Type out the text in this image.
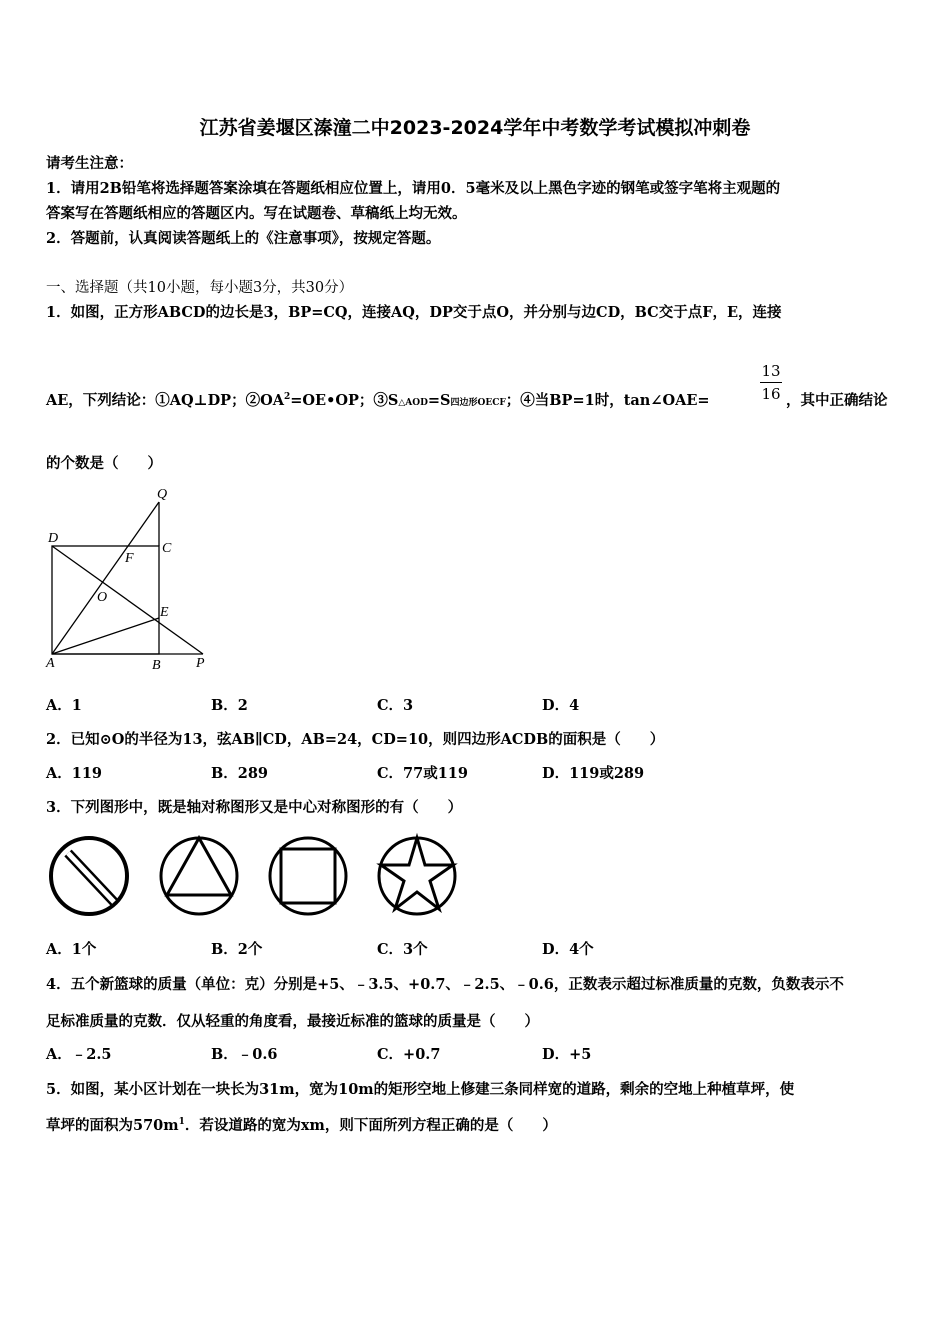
江苏省姜堰区溱潼二中2023-2024学年中考数学考试模拟冲刺卷
请考生注意：
1．请用2B铅笔将选择题答案涂填在答题纸相应位置上，请用0．5毫米及以上黑色字迹的钢笔或签字笔将主观题的
答案写在答题纸相应的答题区内。写在试题卷、草稿纸上均无效。
2．答题前，认真阅读答题纸上的《注意事项》，按规定答题。
一、选择题（共10小题，每小题3分，共30分）
1．如图，正方形ABCD的边长是3，BP=CQ，连接AQ，DP交于点O，并分别与边CD，BC交于点F，E，连接
AE，下列结论：①AQ⊥DP；$②OA^2=OE•OP$；③S△AOD=S四边形OECF；④当BP=1时，tan∠OAE=
13
16 ，其中正确结论
的个数是（　　）
Q
D
C
F
O
E
A	B	P
A．1	B．2	C．3	D．4
2．已知⊙O的半径为13，弦AB∥CD，AB=24，CD=10，则四边形ACDB的面积是（　　）
A．119	B．289	C．77或119	D．119或289
3．下列图形中，既是轴对称图形又是中心对称图形的有（　　）
A．1个	B．2个	C．3个	D．4个
4．五个新篮球的质量（单位：克）分别是+5、﹣3.5、+0.7、﹣2.5、﹣0.6，正数表示超过标准质量的克数，负数表示不
足标准质量的克数．仅从轻重的角度看，最接近标准的篮球的质量是（　　）
A．﹣2.5	B．﹣0.6	C．+0.7	D．+5
5．如图，某小区计划在一块长为31m，宽为10m的矩形空地上修建三条同样宽的道路，剩余的空地上种植草坪，使
草坪的面积为$570m^1$．若设道路的宽为xm，则下面所列方程正确的是（　　）
